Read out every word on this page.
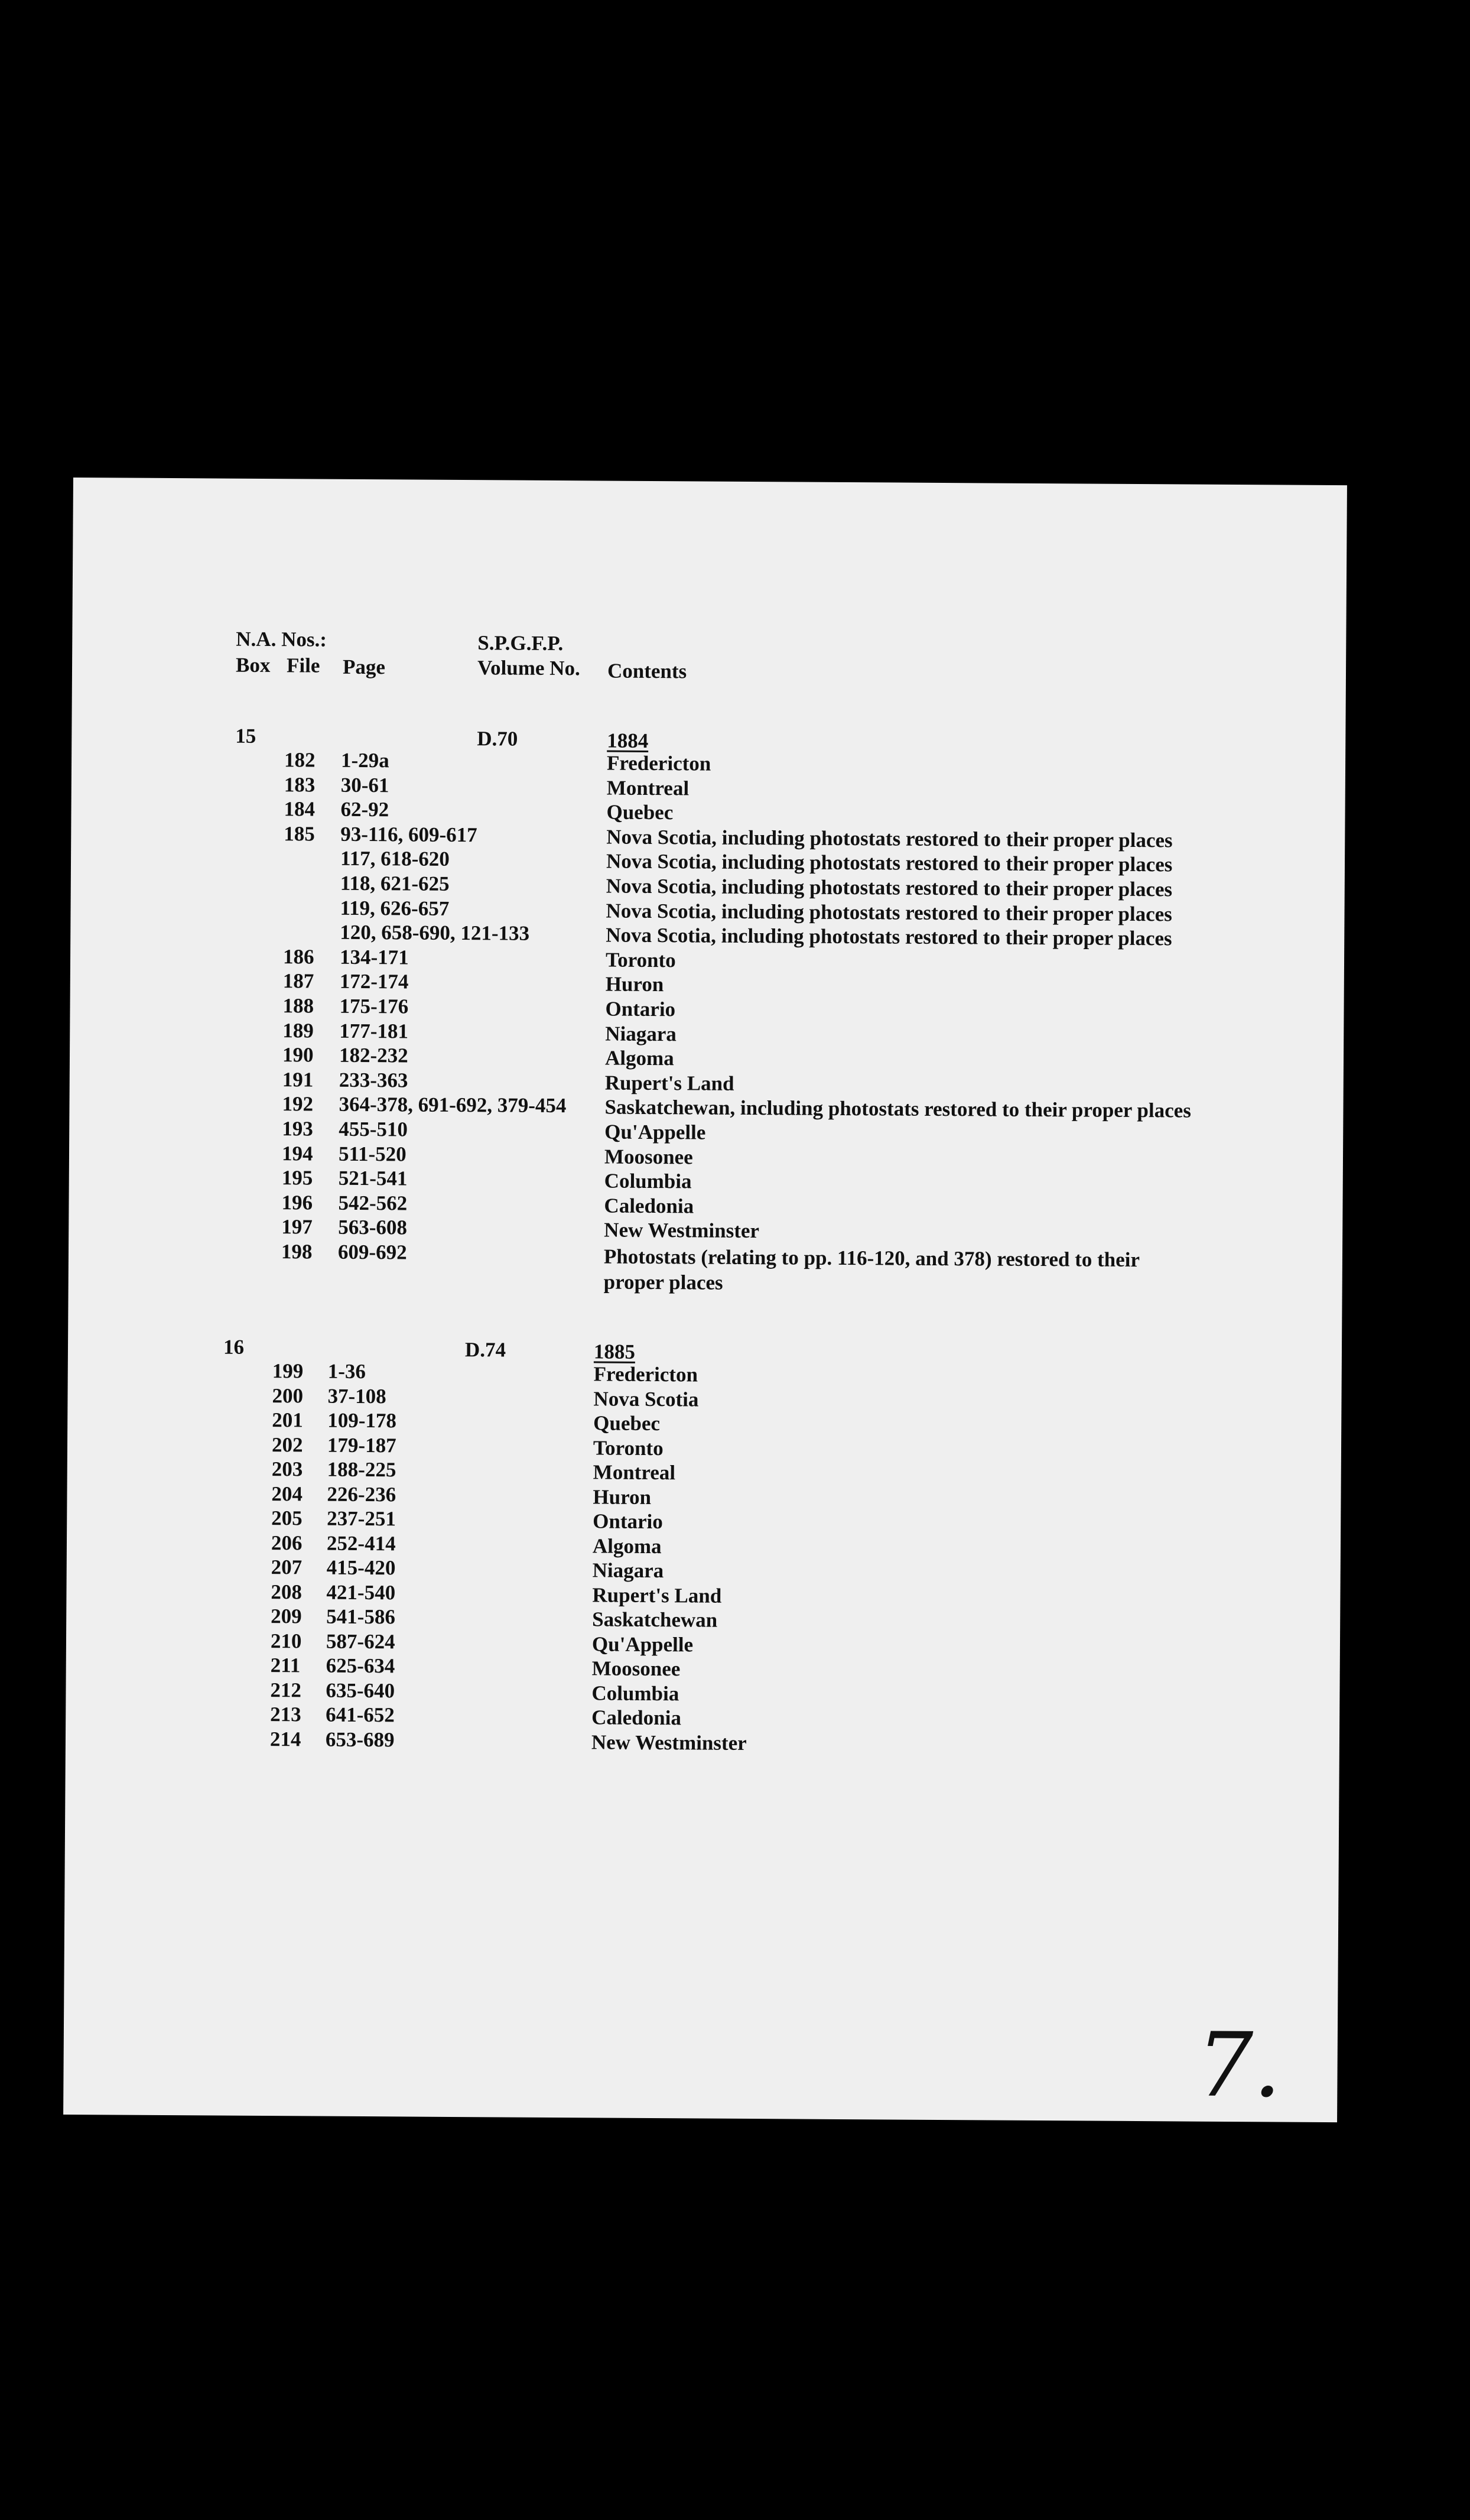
N.A. Nos.:
Box File Page
S.P.G.F.P.
Volume No. Contents
15	D.70	1884
182 1-29a	Fredericton
183 30-61	Montreal
184 62-92	Quebec
185 93-116, 609-617	Nova Scotia, including photostats restored to their proper places
117, 618-620	Nova Scotia, including photostats restored to their proper places
118, 621-625	Nova Scotia, including photostats restored to their proper places
119, 626-657	Nova Scotia, including photostats restored to their proper places
120, 658-690, 121-133	Nova Scotia, including photostats restored to their proper places
186 134-171	Toronto
187 172-174	Huron
188 175-176	Ontario
189 177-181	Niagara
190 182-232	Algoma
191 233-363	Rupert's Land
192 364-378, 691-692, 379-454 Saskatchewan, including photostats restored to their proper places
193 455-510	Qu'Appelle
194 511-520	Moosonee
195 521-541	Columbia
196 542-562	Caledonia
197 563-608	New Westminster
198 609-692	Photostats (relating to pp. 116-120, and 378) restored to their proper places
16	D.74	1885
199 1-36	Fredericton
200 37-108	Nova Scotia
201 109-178	Quebec
202 179-187	Toronto
203 188-225	Montreal
204 226-236	Huron
205 237-251	Ontario
206 252-414	Algoma
207 415-420	Niagara
208 421-540	Rupert's Land
209 541-586	Saskatchewan
210 587-624	Qu'Appelle
211 625-634	Moosonee
212 635-640	Columbia
213 641-652	Caledonia
214 653-689	New Westminster
7.
